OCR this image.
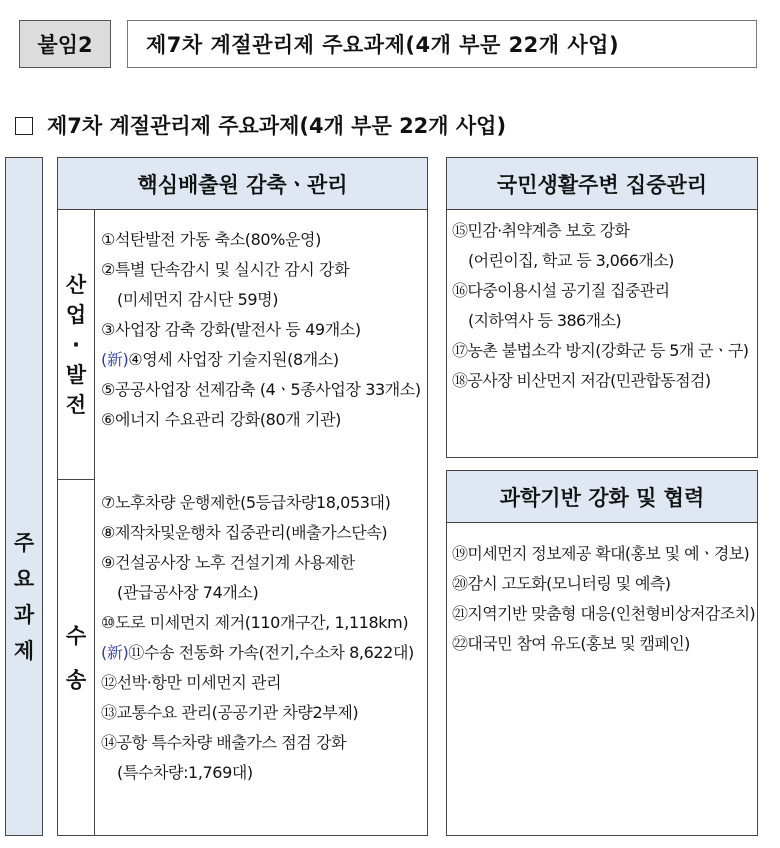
붙임2	제7차 계절관리제 주요과제(4개 부문 22개 사업)
제7차 계절관리제 주요과제(4개 부문 22개 사업)
주
요
과
제
핵심배출원 감축ㆍ관리
산
업
·
발
전
①석탄발전 가동 축소(80%운영)
②특별 단속감시 및 실시간 감시 강화
(미세먼지 감시단 59명)
③사업장 감축 강화(발전사 등 49개소)
(新) ④영세 사업장 기술지원(8개소)
⑤공공사업장 선제감축 (4ㆍ5종사업장 33개소)
⑥에너지 수요관리 강화(80개 기관)
수
송
⑦노후차량 운행제한(5등급차량18,053대)
⑧제작차및운행차 집중관리(배출가스단속)
⑨건설공사장 노후 건설기계 사용제한
(관급공사장 74개소)
⑩도로 미세먼지 제거(110개구간, 1,118km)
(新) ⑪수송 전동화 가속(전기,수소차 8,622대)
⑫선박·항만 미세먼지 관리
⑬교통수요 관리(공공기관 차량2부제)
⑭공항 특수차량 배출가스 점검 강화
(특수차량:1,769대)
국민생활주변 집중관리
⑮민감·취약계층 보호 강화
(어린이집, 학교 등 3,066개소)
⑯다중이용시설 공기질 집중관리
(지하역사 등 386개소)
⑰농촌 불법소각 방지(강화군 등 5개 군ㆍ구)
⑱공사장 비산먼지 저감(민관합동점검)
과학기반 강화 및 협력
⑲미세먼지 정보제공 확대(홍보 및 예ㆍ경보)
⑳감시 고도화(모니터링 및 예측)
㉑지역기반 맞춤형 대응(인천형비상저감조치)
㉒대국민 참여 유도(홍보 및 캠페인)
